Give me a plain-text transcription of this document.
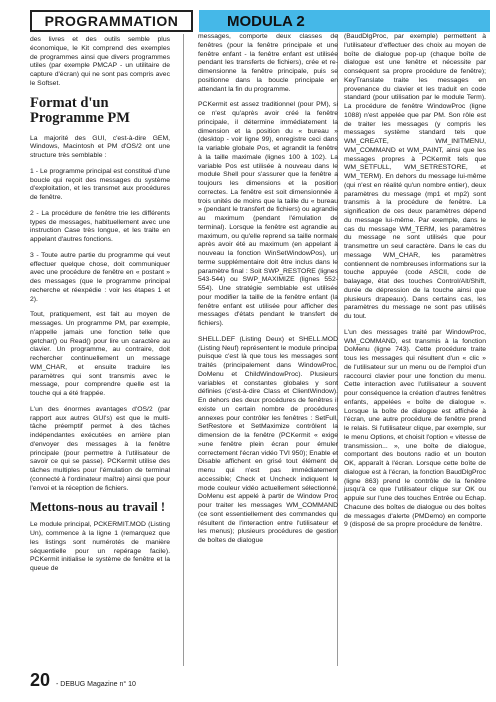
PROGRAMMATION	MODULA 2

des livres et des outils semble plus économique, le Kit comprend des exemples de programmes ainsi que divers programmes utiles (par exemple PMCAP - un utilitaire de capture d'écran) qui ne sont pas compris avec le Softset.

Format d'un Programme PM

La majorité des GUI, c'est-à-dire GEM, Windows, Macintosh et PM d'OS/2 ont une structure très semblable :

1 - Le programme principal est constitué d'une boucle qui reçoit des messages du système d'exploitation, et les transmet aux procédures de fenêtre.

2 - La procédure de fenêtre trie les différents types de messages, habituellement avec une instruction Case très longue, et les traite en appelant d'autres fonctions.

3 - Toute autre partie du programme qui veut effectuer quelque chose, doit communiquer avec une procédure de fenêtre en « postant » des messages (que le programme principal recherche et réexpédie : voir les étapes 1 et 2).

Tout, pratiquement, est fait au moyen de messages. Un programme PM, par exemple, n'appelle jamais une fonction telle que getchar() ou Read() pour lire un caractère au clavier. Un programme, au contraire, doit rechercher continuellement un message WM_CHAR, et ensuite traduire les paramètres qui sont transmis avec le message, pour comprendre quelle est la touche qui a été frappée.

L'un des énormes avantages d'OS/2 (par rapport aux autres GUI's) est que le multi-tâche préemptif permet à des tâches indépendantes exécutées en arrière plan d'envoyer des messages à la fenêtre principale (pour permettre à l'utilisateur de savoir ce qui se passe). PCKermit utilise des tâches multiples pour l'émulation de terminal (connecté à l'ordinateur maître) ainsi que pour l'envoi et la réception de fichiers.

Mettons-nous au travail !

Le module principal, PCKERMIT.MOD (Listing Un), commence à la ligne 1 (remarquez que les listings sont numérotés de manière séquentielle pour un repérage facile). PCKermit initialise le système de fenêtre et la queue de

messages, comporte deux classes de fenêtres (pour la fenêtre principale et une fenêtre enfant - la fenêtre enfant est utilisée pendant les transferts de fichiers), crée et re-dimensionne la fenêtre principale, puis se positionne dans la boucle principale en attendant la fin du programme.

PCKermit est assez traditionnel (pour PM), si ce n'est qu'après avoir créé la fenêtre principale, il détermine immédiatement la dimension et la position du « bureau » (desktop - voir ligne 99), enregistre ceci dans la variable globale Pos, et agrandit la fenêtre à la taille maximale (lignes 100 à 102). La variable Pos est utilisée à nouveau dans le module Shell pour s'assurer que la fenêtre a toujours les dimensions et la position correctes. La fenêtre est soit dimensionnée à trois unités de moins que la taille du « bureau » (pendant le transfert de fichiers) ou agrandie au maximum (pendant l'émulation de terminal). Lorsque la fenêtre est agrandie au maximum, ou qu'elle reprend sa taille normale après avoir été au maximum (en appelant à nouveau la fonction WinSetWindowPos), un terme supplémentaire doit être inclus dans le paramètre final : Soit SWP_RESTORE (lignes 543-544) ou SWP_MAXIMIZE (lignes 552-554). Une stratégie semblable est utilisée pour modifier la taille de la fenêtre enfant (la fenêtre enfant est utilisée pour afficher des messages d'états pendant le transfert de fichiers).

SHELL.DEF (Listing Deux) et SHELL.MOD (Listing Neuf) représentent le module principal puisque c'est là que tous les messages sont traités (principalement dans WindowProc, DoMenu et ChildWindowProc). Plusieurs variables et constantes globales y sont définies (c'est-à-dire Class et ClientWindow). En dehors des deux procédures de fenêtres il existe un certain nombre de procédures annexes pour contrôler les fenêtres : SetFull, SetRestore et SetMaximize contrôlent la dimension de la fenêtre (PCKermit « exige »une fenêtre plein écran pour émuler correctement l'écran vidéo TVI 950); Enable et Disable affichent en grisé tout élément de menu qui n'est pas immédiatement accessible; Check et Uncheck indiquent le mode couleur vidéo actuellement sélectionné. DoMenu est appelé à partir de Window Proc pour traiter les messages WM_COMMAND (ce sont essentiellement des commandes qui résultent de l'interaction entre l'utilisateur et les menus); plusieurs procédures de gestion de boîtes de dialogue

(BaudDlgProc, par exemple) permettent à l'utilisateur d'effectuer des choix au moyen de boîte de dialogue pop-up (chaque boîte de dialogue est une fenêtre et nécessite par conséquent sa propre procédure de fenêtre); KeyTranslate traite les messages en provenance du clavier et les traduit en code standard (pour utilisation par le module Term). La procédure de fenêtre WindowProc (ligne 1088) n'est appelée que par PM. Son rôle est de traiter les messages (y compris les messages système standard tels que WM_CREATE, WM_INITMENU, WM_COMMAND et WM_PAINT, ainsi que les messages propres à PCKermit tels que WM_SETFULL, WM_SETRESTORE, et WM_TERM). En dehors du message lui-même (qui n'est en réalité qu'un nombre entier), deux paramètres du message (mp1 et mp2) sont transmis à la procédure de fenêtre. La signification de ces deux paramètres dépend du message lui-même. Par exemple, dans le cas du message WM_TERM, les paramètres du message ne sont utilisés que pour transmettre un seul caractère. Dans le cas du message WM_CHAR, les paramètres contiennent de nombreuses informations sur la touche appuyée (code ASCII, code de balayage, état des touches Control/Alt/Shift, durée de dépression de la touche ainsi que plusieurs drapeaux). Dans certains cas, les paramètres du message ne sont pas utilisés du tout.

L'un des messages traité par WindowProc, WM_COMMAND, est transmis à la fonction DoMenu (ligne 743). Cette procédure traite tous les messages qui résultent d'un « clic » de l'utilisateur sur un menu ou de l'emploi d'un raccourci clavier pour une fonction du menu. Cette interaction avec l'utilisateur a souvent pour conséquence la création d'autres fenêtres enfants, appelées « boîte de dialogue ». Lorsque la boîte de dialogue est affichée à l'écran, une autre procédure de fenêtre prend le relais. Si l'utilisateur clique, par exemple, sur le menu Options, et choisit l'option « vitesse de transmission... », une boîte de dialogue, comportant des boutons radio et un bouton OK, apparaît à l'écran. Lorsque cette boîte de dialogue est à l'écran, la fonction BaudDlgProc (ligne 863) prend le contrôle de la fenêtre jusqu'à ce que l'utilisateur clique sur OK ou appuie sur l'une des touches Entrée ou Echap. Chacune des boîtes de dialogue ou des boîtes de messages d'alerte (PMDemo) en comporte 9 (disposé de sa propre procédure de fenêtre.

20 - DEBUG Magazine n° 10
